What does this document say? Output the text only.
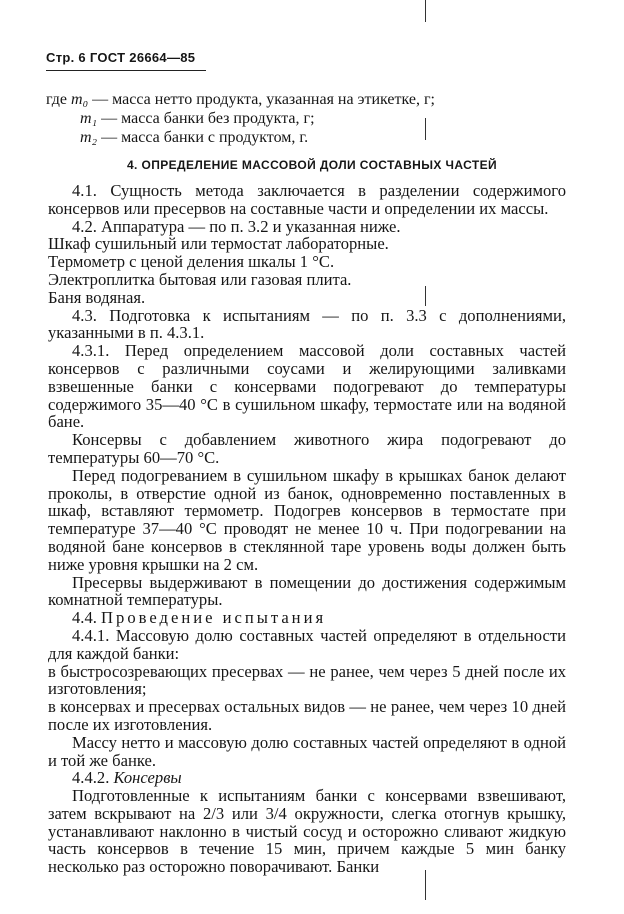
Стр. 6 ГОСТ 26664—85
где m₀ — масса нетто продукта, указанная на этикетке, г;
m₁ — масса банки без продукта, г;
m₂ — масса банки с продуктом, г.
4. ОПРЕДЕЛЕНИЕ МАССОВОЙ ДОЛИ СОСТАВНЫХ ЧАСТЕЙ

4.1. Сущность метода заключается в разделении содержимого консервов или пресервов на составные части и определении их массы.

4.2. Аппаратура — по п. 3.2 и указанная ниже.

Шкаф сушильный или термостат лабораторные.

Термометр с ценой деления шкалы 1 °С.

Электроплитка бытовая или газовая плита.

Баня водяная.

4.3. Подготовка к испытаниям — по п. 3.3 с дополнениями, указанными в п. 4.3.1.

4.3.1. Перед определением массовой доли составных частей консервов с различными соусами и желирующими заливками взвешенные банки с консервами подогревают до температуры содержимого 35—40 °С в сушильном шкафу, термостате или на водяной бане.

Консервы с добавлением животного жира подогревают до температуры 60—70 °С.

Перед подогреванием в сушильном шкафу в крышках банок делают проколы, в отверстие одной из банок, одновременно поставленных в шкаф, вставляют термометр. Подогрев консервов в термостате при температуре 37—40 °С проводят не менее 10 ч. При подогревании на водяной бане консервов в стеклянной таре уровень воды должен быть ниже уровня крышки на 2 см.

Пресервы выдерживают в помещении до достижения содержимым комнатной температуры.

4.4. Проведение испытания

4.4.1. Массовую долю составных частей определяют в отдельности для каждой банки:

в быстросозревающих пресервах — не ранее, чем через 5 дней после их изготовления;

в консервах и пресервах остальных видов — не ранее, чем через 10 дней после их изготовления.

Массу нетто и массовую долю составных частей определяют в одной и той же банке.

4.4.2. Консервы

Подготовленные к испытаниям банки с консервами взвешивают, затем вскрывают на 2/3 или 3/4 окружности, слегка отогнув крышку, устанавливают наклонно в чистый сосуд и осторожно сливают жидкую часть консервов в течение 15 мин, причем каждые 5 мин банку несколько раз осторожно поворачивают. Банки
